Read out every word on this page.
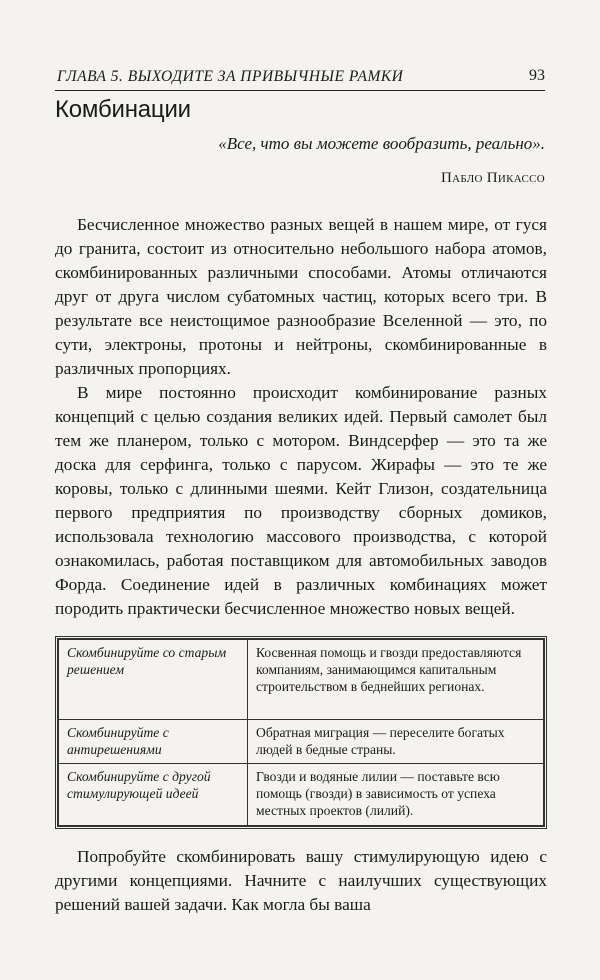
ГЛАВА 5. ВЫХОДИТЕ ЗА ПРИВЫЧНЫЕ РАМКИ	93
Комбинации
«Все, что вы можете вообразить, реально».
Пабло Пикассо

Бесчисленное множество разных вещей в нашем мире, от гуся до гранита, состоит из относительно небольшого набора атомов, скомбинированных различными способами. Атомы отличаются друг от друга числом субатомных частиц, которых всего три. В результате все неистощимое разнообразие Вселенной — это, по сути, электроны, протоны и нейтроны, скомбинированные в различных пропорциях.

В мире постоянно происходит комбинирование разных концепций с целью создания великих идей. Первый самолет был тем же планером, только с мотором. Виндсерфер — это та же доска для серфинга, только с парусом. Жирафы — это те же коровы, только с длинными шеями. Кейт Глизон, создательница первого предприятия по производству сборных домиков, использовала технологию массового производства, с которой ознакомилась, работая поставщиком для автомобильных заводов Форда. Соединение идей в различных комбинациях может породить практически бесчисленное множество новых вещей.

Скомбинируйте со старым решением	Косвенная помощь и гвозди предоставляются компаниям, занимающимся капитальным строительством в беднейших регионах.
Скомбинируйте с антирешениями	Обратная миграция — переселите богатых людей в бедные страны.
Скомбинируйте с другой стимулирующей идеей	Гвозди и водяные лилии — поставьте всю помощь (гвозди) в зависимость от успеха местных проектов (лилий).

Попробуйте скомбинировать вашу стимулирующую идею с другими концепциями. Начните с наилучших существующих решений вашей задачи. Как могла бы ваша
